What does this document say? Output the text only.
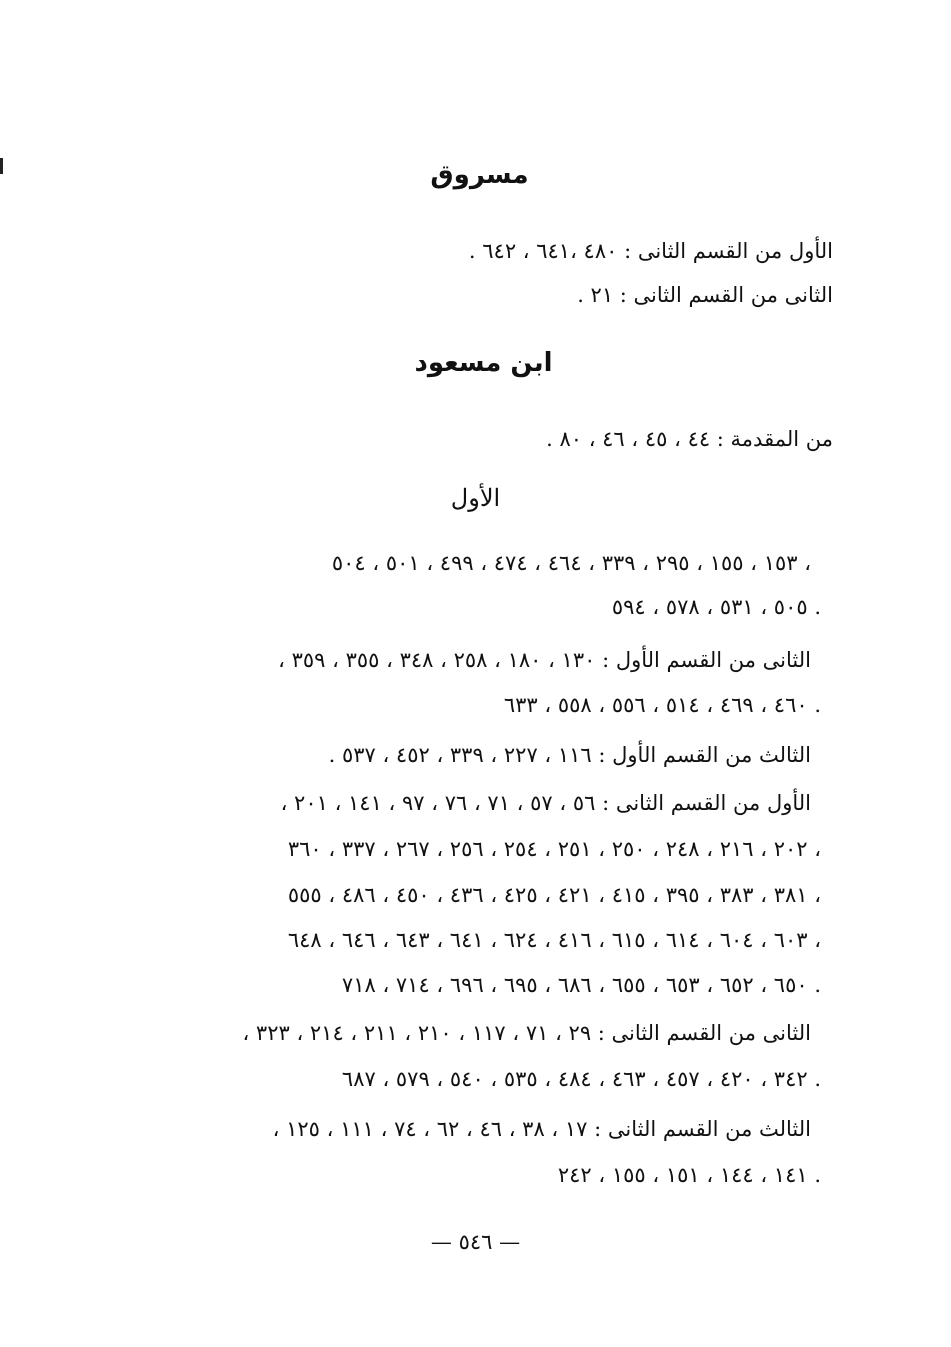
مسروق
الأول من القسم الثانى : ٤٨٠ ،٦٤١ ، ٦٤٢ .
الثانى من القسم الثانى : ٢١ .
ابن مسعود
من المقدمة : ٤٤ ، ٤٥ ، ٤٦ ، ٨٠ .
الأول
١٥٣ ، ١٥٥ ، ٢٩٥ ، ٣٣٩ ، ٤٦٤ ، ٤٧٤ ، ٤٩٩ ، ٥٠١ ، ٥٠٤ ،
٥٠٥ ، ٥٣١ ، ٥٧٨ ، ٥٩٤ .
الثانى من القسم الأول : ١٣٠ ، ١٨٠ ، ٢٥٨ ، ٣٤٨ ، ٣٥٥ ، ٣٥٩ ،
٤٦٠ ، ٤٦٩ ، ٥١٤ ، ٥٥٦ ، ٥٥٨ ، ٦٣٣ .
الثالث من القسم الأول : ١١٦ ، ٢٢٧ ، ٣٣٩ ، ٤٥٢ ، ٥٣٧ .
الأول من القسم الثانى : ٥٦ ، ٥٧ ، ٧١ ، ٧٦ ، ٩٧ ، ١٤١ ، ٢٠١ ،
٢٠٢ ، ٢١٦ ، ٢٤٨ ، ٢٥٠ ، ٢٥١ ، ٢٥٤ ، ٢٥٦ ، ٢٦٧ ، ٣٣٧ ، ٣٦٠ ،
٣٨١ ، ٣٨٣ ، ٣٩٥ ، ٤١٥ ، ٤٢١ ، ٤٢٥ ، ٤٣٦ ، ٤٥٠ ، ٤٨٦ ، ٥٥٥ ،
٦٠٣ ، ٦٠٤ ، ٦١٤ ، ٦١٥ ، ٤١٦ ، ٦٢٤ ، ٦٤١ ، ٦٤٣ ، ٦٤٦ ، ٦٤٨ ،
٦٥٠ ، ٦٥٢ ، ٦٥٣ ، ٦٥٥ ، ٦٨٦ ، ٦٩٥ ، ٦٩٦ ، ٧١٤ ، ٧١٨ .
الثانى من القسم الثانى : ٢٩ ، ٧١ ، ١١٧ ، ٢١٠ ، ٢١١ ، ٢١٤ ، ٣٢٣ ،
٣٤٢ ، ٤٢٠ ، ٤٥٧ ، ٤٦٣ ، ٤٨٤ ، ٥٣٥ ، ٥٤٠ ، ٥٧٩ ، ٦٨٧ .
الثالث من القسم الثانى : ١٧ ، ٣٨ ، ٤٦ ، ٦٢ ، ٧٤ ، ١١١ ، ١٢٥ ،
١٤١ ، ١٤٤ ، ١٥١ ، ١٥٥ ، ٢٤٢ .
— ٥٤٦ —
